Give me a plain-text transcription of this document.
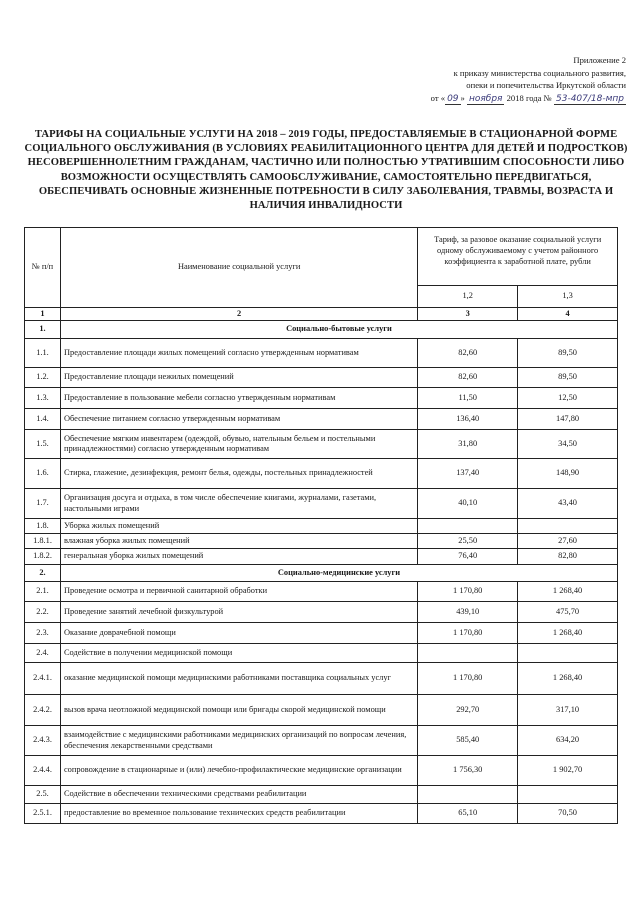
Приложение 2
к приказу министерства социального развития,
опеки и попечительства Иркутской области
от « 09 » ноября 2018 года № 53-407/18-мпр
ТАРИФЫ НА СОЦИАЛЬНЫЕ УСЛУГИ НА 2018 – 2019 ГОДЫ, ПРЕДОСТАВЛЯЕМЫЕ В СТАЦИОНАРНОЙ ФОРМЕ СОЦИАЛЬНОГО ОБСЛУЖИВАНИЯ (В УСЛОВИЯХ РЕАБИЛИТАЦИОННОГО ЦЕНТРА ДЛЯ ДЕТЕЙ И ПОДРОСТКОВ) НЕСОВЕРШЕННОЛЕТНИМ ГРАЖДАНАМ, ЧАСТИЧНО ИЛИ ПОЛНОСТЬЮ УТРАТИВШИМ СПОСОБНОСТИ ЛИБО ВОЗМОЖНОСТИ ОСУЩЕСТВЛЯТЬ САМООБСЛУЖИВАНИЕ, САМОСТОЯТЕЛЬНО ПЕРЕДВИГАТЬСЯ, ОБЕСПЕЧИВАТЬ ОСНОВНЫЕ ЖИЗНЕННЫЕ ПОТРЕБНОСТИ В СИЛУ ЗАБОЛЕВАНИЯ, ТРАВМЫ, ВОЗРАСТА И НАЛИЧИЯ ИНВАЛИДНОСТИ
№ п/п	Наименование социальной услуги	Тариф, за разовое оказание социальной услуги одному обслуживаемому с учетом районного коэффициента к заработной плате, рубли	
		1,2	1,3
1	2	3	4
1.	Социально-бытовые услуги		
1.1.	Предоставление площади жилых помещений согласно утвержденным нормативам	82,60	89,50
1.2.	Предоставление площади нежилых помещений	82,60	89,50
1.3.	Предоставление в пользование мебели согласно утвержденным нормативам	11,50	12,50
1.4.	Обеспечение питанием согласно утвержденным нормативам	136,40	147,80
1.5.	Обеспечение мягким инвентарем (одеждой, обувью, нательным бельем и постельными принадлежностями) согласно утвержденным нормативам	31,80	34,50
1.6.	Стирка, глажение, дезинфекция, ремонт белья, одежды, постельных принадлежностей	137,40	148,90
1.7.	Организация досуга и отдыха, в том числе обеспечение книгами, журналами, газетами, настольными играми	40,10	43,40
1.8.	Уборка жилых помещений		
1.8.1.	влажная уборка жилых помещений	25,50	27,60
1.8.2.	генеральная уборка жилых помещений	76,40	82,80
2.	Социально-медицинские услуги		
2.1.	Проведение осмотра и первичной санитарной обработки	1 170,80	1 268,40
2.2.	Проведение занятий лечебной физкультурой	439,10	475,70
2.3.	Оказание доврачебной помощи	1 170,80	1 268,40
2.4.	Содействие в получении медицинской помощи		
2.4.1.	оказание медицинской помощи медицинскими работниками поставщика социальных услуг	1 170,80	1 268,40
2.4.2.	вызов врача неотложной медицинской помощи или бригады скорой медицинской помощи	292,70	317,10
2.4.3.	взаимодействие с медицинскими работниками медицинских организаций по вопросам лечения, обеспечения лекарственными средствами	585,40	634,20
2.4.4.	сопровождение в стационарные и (или) лечебно-профилактические медицинские организации	1 756,30	1 902,70
2.5.	Содействие в обеспечении техническими средствами реабилитации		
2.5.1.	предоставление во временное пользование технических средств реабилитации	65,10	70,50
